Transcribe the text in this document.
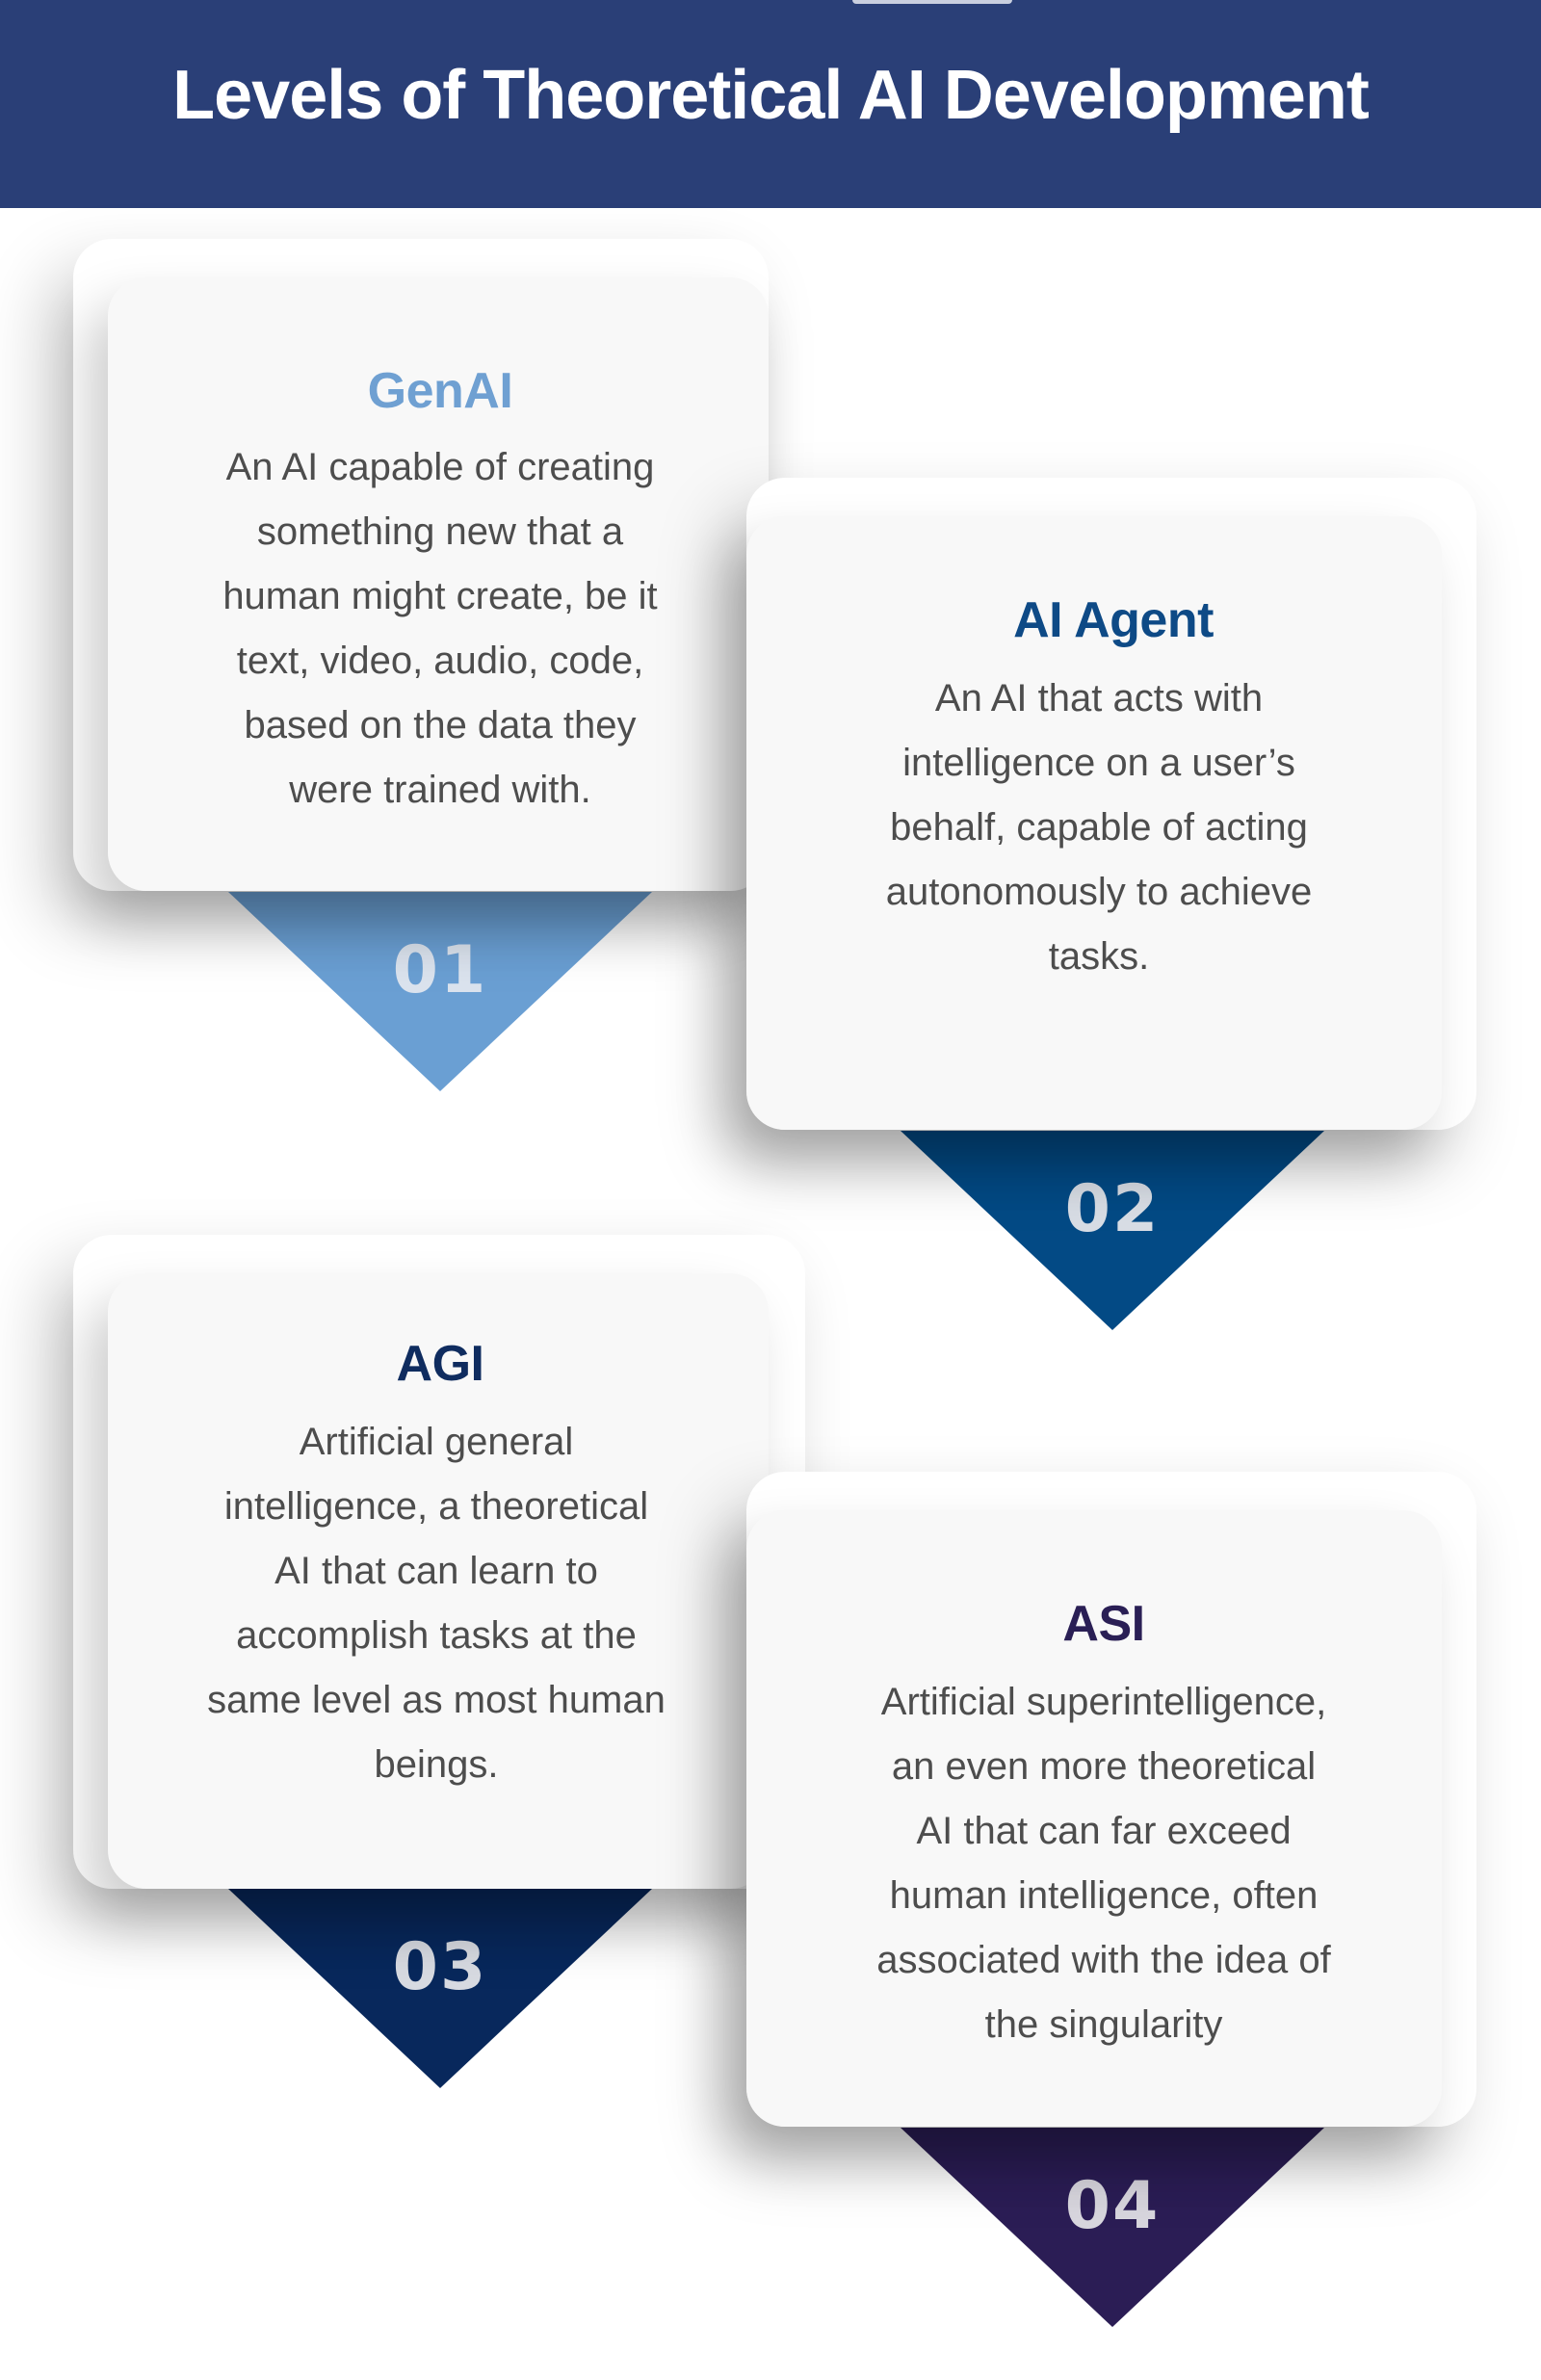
Levels of Theoretical AI Development
01
GenAI
An AI capable of creating
something new that a
human might create, be it
text, video, audio, code,
based on the data they
were trained with.
02
AI Agent
An AI that acts with
intelligence on a user’s
behalf, capable of acting
autonomously to achieve
tasks.
03
AGI
Artificial general
intelligence, a theoretical
AI that can learn to
accomplish tasks at the
same level as most human
beings.
04
ASI
Artificial superintelligence,
an even more theoretical
AI that can far exceed
human intelligence, often
associated with the idea of
the singularity
